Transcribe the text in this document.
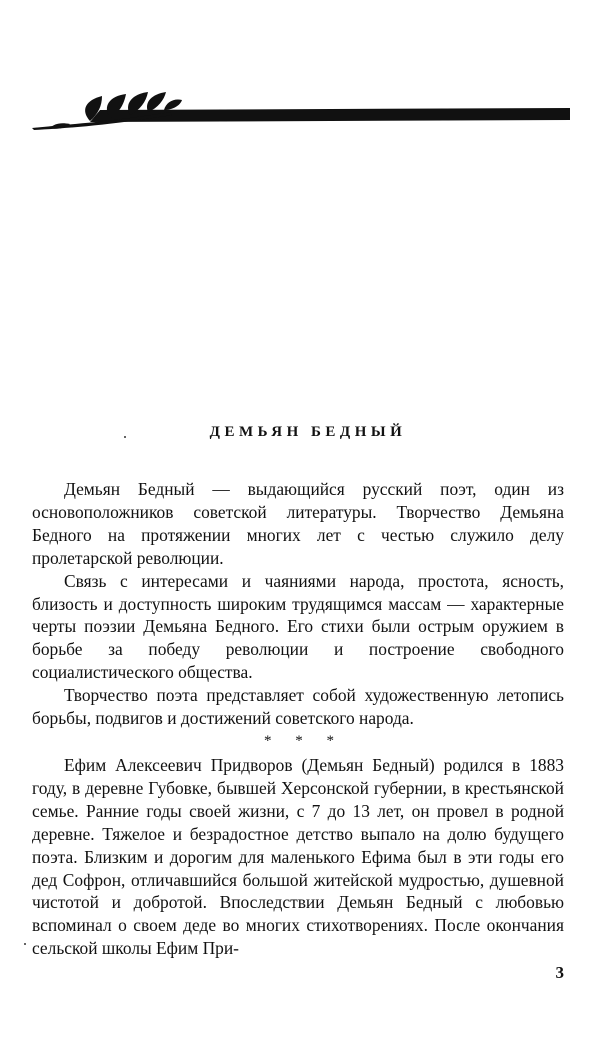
ДЕМЬЯН БЕДНЫЙ

Демьян Бедный — выдающийся русский поэт, один из основоположников советской литературы. Творчество Демьяна Бедного на протяжении многих лет с честью служило делу пролетарской революции.

Связь с интересами и чаяниями народа, простота, ясность, близость и доступность широким трудящимся массам — характерные черты поэзии Демьяна Бедного. Его стихи были острым оружием в борьбе за победу революции и построение свободного социалистического общества.

Творчество поэта представляет собой художественную летопись борьбы, подвигов и достижений советского народа.

* * *

Ефим Алексеевич Придворов (Демьян Бедный) родился в 1883 году, в деревне Губовке, бывшей Херсонской губернии, в крестьянской семье. Ранние годы своей жизни, с 7 до 13 лет, он провел в родной деревне. Тяжелое и безрадостное детство выпало на долю будущего поэта. Близким и дорогим для маленького Ефима был в эти годы его дед Софрон, отличавшийся большой житейской мудростью, душевной чистотой и добротой. Впоследствии Демьян Бедный с любовью вспоминал о своем деде во многих стихотворениях. После окончания сельской школы Ефим При-

3
